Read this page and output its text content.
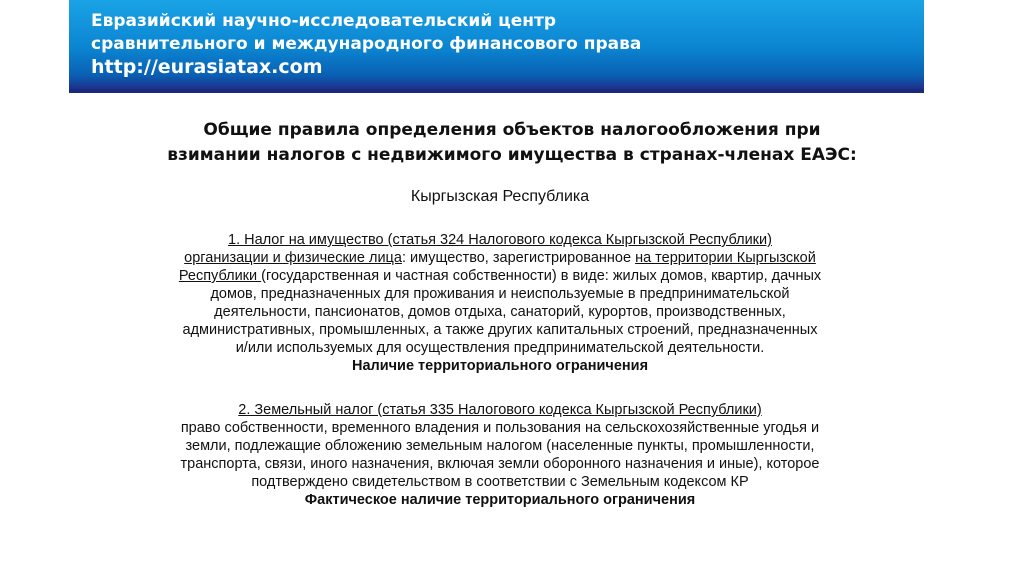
Евразийский научно-исследовательский центр
сравнительного и международного финансового права
http://eurasiatax.com
Общие правила определения объектов налогообложения при
взимании налогов с недвижимого имущества в странах-членах ЕАЭС:
Кыргызская Республика
1. Налог на имущество (статья 324 Налогового кодекса Кыргызской Республики)
организации и физические лица: имущество, зарегистрированное на территории Кыргызской
Республики (государственная и частная собственности) в виде: жилых домов, квартир, дачных
домов, предназначенных для проживания и неиспользуемые в предпринимательской
деятельности, пансионатов, домов отдыха, санаторий, курортов, производственных,
административных, промышленных, а также других капитальных строений, предназначенных
и/или используемых для осуществления предпринимательской деятельности.
Наличие территориального ограничения
2. Земельный налог (статья 335 Налогового кодекса Кыргызской Республики)
право собственности, временного владения и пользования на сельскохозяйственные угодья и
земли, подлежащие обложению земельным налогом (населенные пункты, промышленности,
транспорта, связи, иного назначения, включая земли оборонного назначения и иные), которое
подтверждено свидетельством в соответствии с Земельным кодексом КР
Фактическое наличие территориального ограничения
